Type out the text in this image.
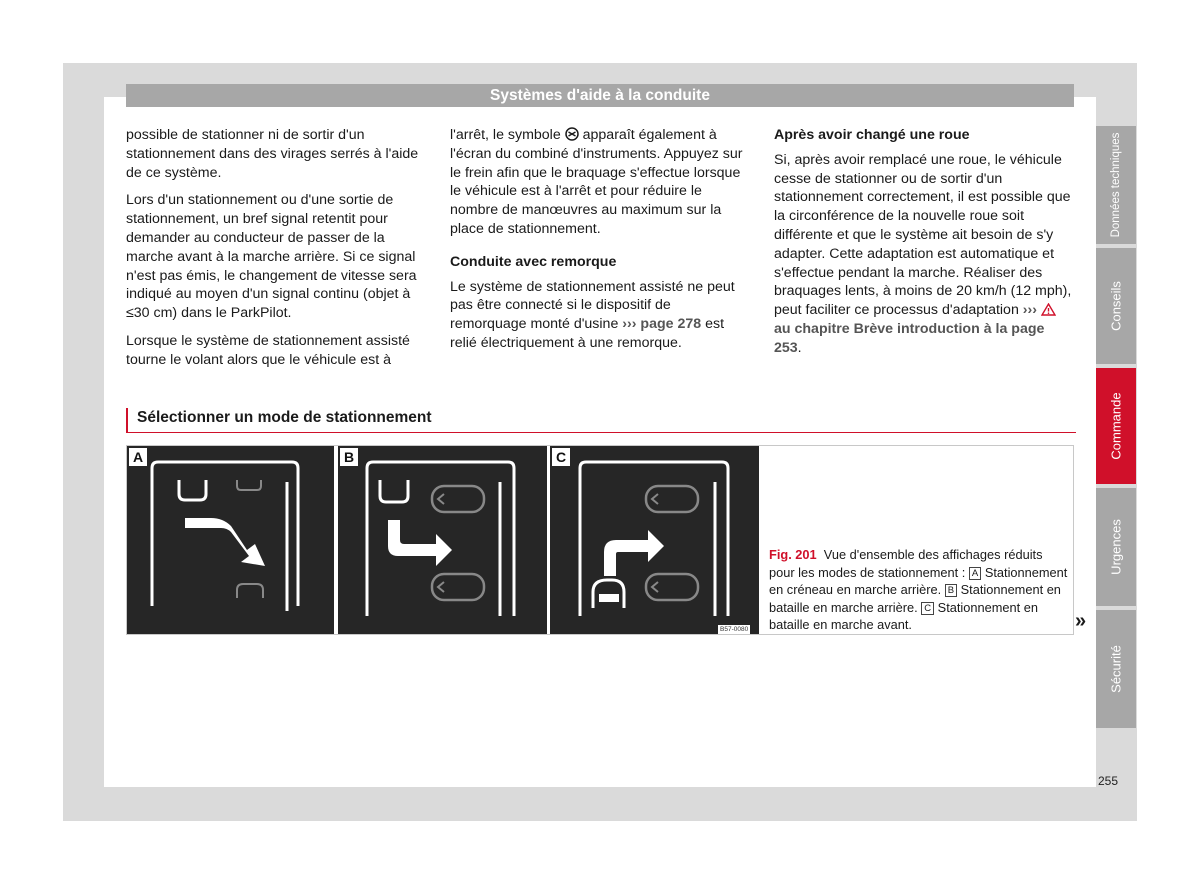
Systèmes d'aide à la conduite

possible de stationner ni de sortir d'un stationnement dans des virages serrés à l'aide de ce système.

Lors d'un stationnement ou d'une sortie de stationnement, un bref signal retentit pour demander au conducteur de passer de la marche avant à la marche arrière. Si ce signal n'est pas émis, le changement de vitesse sera indiqué au moyen d'un signal continu (objet à ≤30 cm) dans le ParkPilot.

Lorsque le système de stationnement assisté tourne le volant alors que le véhicule est à

l'arrêt, le symbole apparaît également à l'écran du combiné d'instruments. Appuyez sur le frein afin que le braquage s'effectue lorsque le véhicule est à l'arrêt et pour réduire le nombre de manœuvres au maximum sur la place de stationnement.

Conduite avec remorque

Le système de stationnement assisté ne peut pas être connecté si le dispositif de remorquage monté d'usine ››› page 278 est relié électriquement à une remorque.

Après avoir changé une roue

Si, après avoir remplacé une roue, le véhicule cesse de stationner ou de sortir d'un stationnement correctement, il est possible que la circonférence de la nouvelle roue soit différente et que le système ait besoin de s'y adapter. Cette adaptation est automatique et s'effectue pendant la marche. Réaliser des braquages lents, à moins de 20 km/h (12 mph), peut faciliter ce processus d'adaptation ›››  au chapitre Brève introduction à la page 253.

Sélectionner un mode de stationnement
A	B	C
B57-0080
Fig. 201 Vue d'ensemble des affichages réduits pour les modes de stationnement : A Stationnement en créneau en marche arrière. B Stationnement en bataille en marche arrière. C Stationnement en bataille en marche avant.	»
Données techniques
Conseils
Commande
Urgences
Sécurité
255
